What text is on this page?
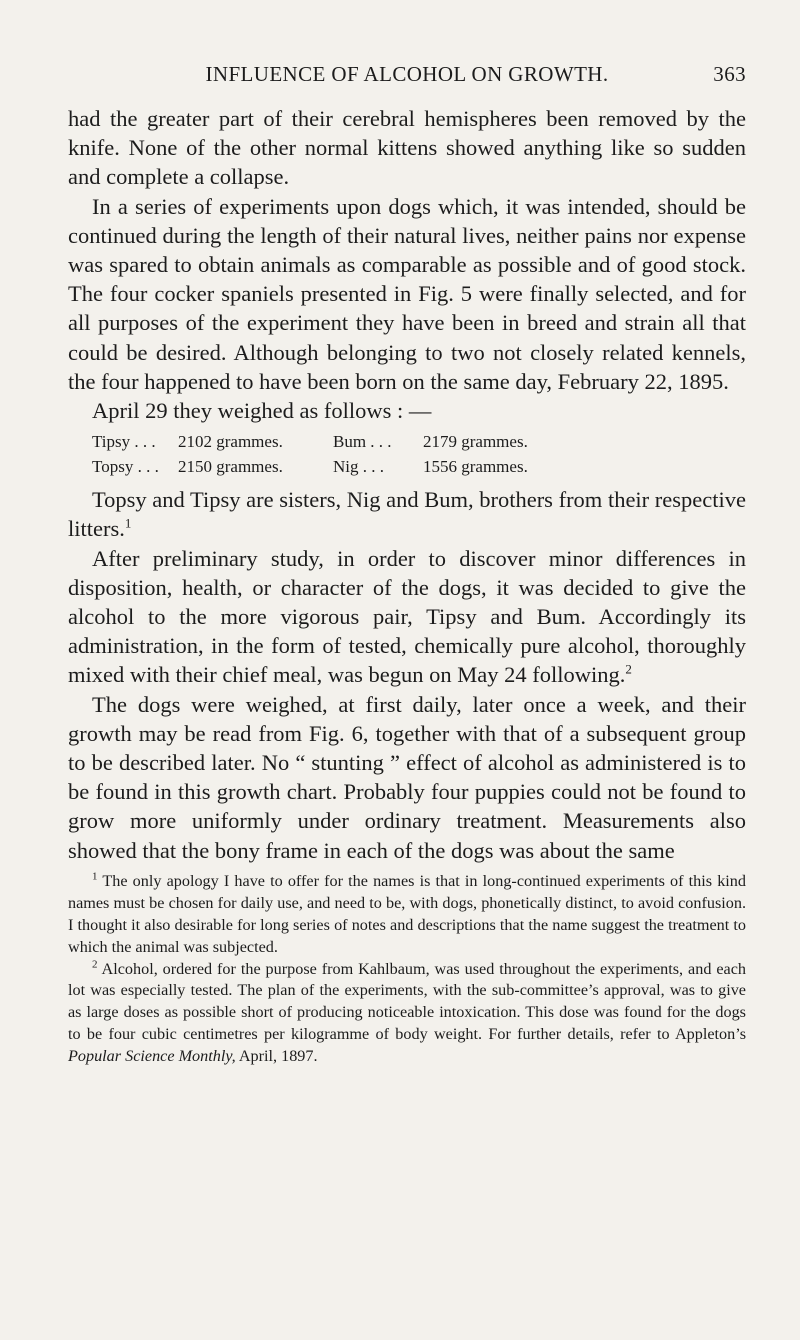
INFLUENCE OF ALCOHOL ON GROWTH.	363

had the greater part of their cerebral hemispheres been removed by the knife. None of the other normal kittens showed anything like so sudden and complete a collapse.

In a series of experiments upon dogs which, it was intended, should be continued during the length of their natural lives, neither pains nor expense was spared to obtain animals as comparable as possible and of good stock. The four cocker spaniels presented in Fig. 5 were finally selected, and for all purposes of the experiment they have been in breed and strain all that could be desired. Although belonging to two not closely related kennels, the four happened to have been born on the same day, February 22, 1895.

April 29 they weighed as follows : —

Tipsy . . .	2102 grammes.	Bum . . .	2179 grammes.
Topsy . . .	2150 grammes.	Nig . . .	1556 grammes.

Topsy and Tipsy are sisters, Nig and Bum, brothers from their respective litters.$^1$

After preliminary study, in order to discover minor differences in disposition, health, or character of the dogs, it was decided to give the alcohol to the more vigorous pair, Tipsy and Bum. Accordingly its administration, in the form of tested, chemically pure alcohol, thoroughly mixed with their chief meal, was begun on May 24 following.$^2$

The dogs were weighed, at first daily, later once a week, and their growth may be read from Fig. 6, together with that of a subsequent group to be described later. No “ stunting ” effect of alcohol as administered is to be found in this growth chart. Probably four puppies could not be found to grow more uniformly under ordinary treatment. Measurements also showed that the bony frame in each of the dogs was about the same

$^1$ The only apology I have to offer for the names is that in long-continued experiments of this kind names must be chosen for daily use, and need to be, with dogs, phonetically distinct, to avoid confusion. I thought it also desirable for long series of notes and descriptions that the name suggest the treatment to which the animal was subjected.

$^2$ Alcohol, ordered for the purpose from Kahlbaum, was used throughout the experiments, and each lot was especially tested. The plan of the experiments, with the sub-committee’s approval, was to give as large doses as possible short of producing noticeable intoxication. This dose was found for the dogs to be four cubic centimetres per kilogramme of body weight. For further details, refer to Appleton’s Popular Science Monthly, April, 1897.
